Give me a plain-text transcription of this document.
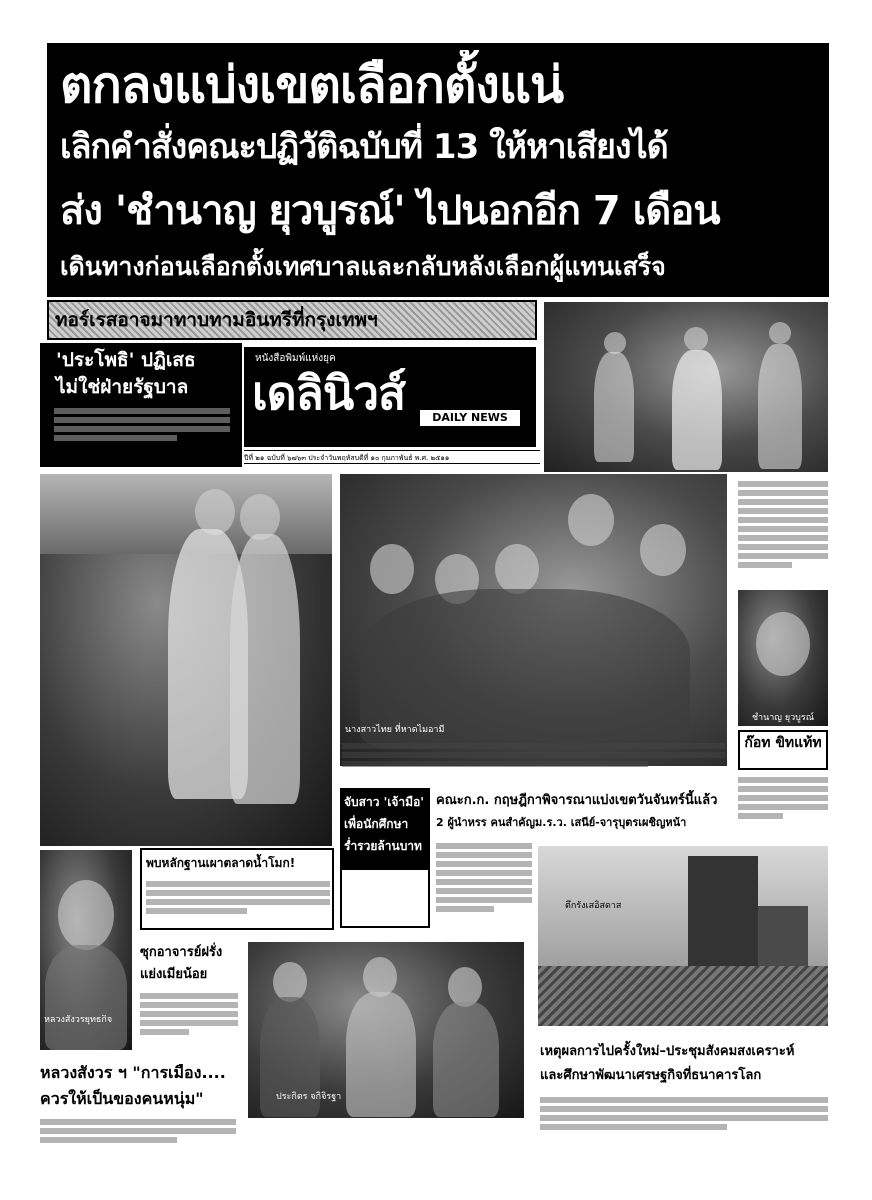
ตกลงแบ่งเขตเลือกตั้งแน่
เลิกคำสั่งคณะปฏิวัติฉบับที่ 13 ให้หาเสียงได้
ส่ง 'ชำนาญ ยุวบูรณ์' ไปนอกอีก 7 เดือน
เดินทางก่อนเลือกตั้งเทศบาลและกลับหลังเลือกผู้แทนเสร็จ
ทอร์เรสอาจมาทาบทามอินทรีที่กรุงเทพฯ
'ประโพธิ' ปฏิเสธ
ไม่ใช่ฝ่ายรัฐบาล
หนังสือพิมพ์แห่งยุค
เดลินิวส์	DAILY NEWS
ปีที่ ๒๑ ฉบับที่ ๖๗๖๓ ประจำวันพฤหัสบดีที่ ๑๐ กุมภาพันธ์ พ.ศ. ๒๕๑๑
นางสาวไทย ที่หาดไมอามี
ชำนาญ ยุวบูรณ์
ก๊อท ขิทแท้ท
จับสาว 'เจ้ามือ'
เพื่อนักศึกษา
ร่ำรวยล้านบาท
คณะก.ก. กฤษฎีกาพิจารณาแบ่งเขตวันจันทร์นี้แล้ว
2 ผู้นำหรร คนสำคัญม.ร.ว. เสนีย์-จารุบุตรเผชิญหน้า
ตึกรังเสอิสดาส
พบหลักฐานเผาตลาดน้ำโมก!
หลวงสังวรยุทธกิจ
ซุกอาจารย์ฝรั่ง
แย่งเมียน้อย
ประกิตร จกิจิรฐา
หลวงสังวร ฯ "การเมือง....
ควรให้เป็นของคนหนุ่ม"
เหตุผลการไปครั้งใหม่–ประชุมสังคมสงเคราะห์
และศึกษาพัฒนาเศรษฐกิจที่ธนาคารโลก
